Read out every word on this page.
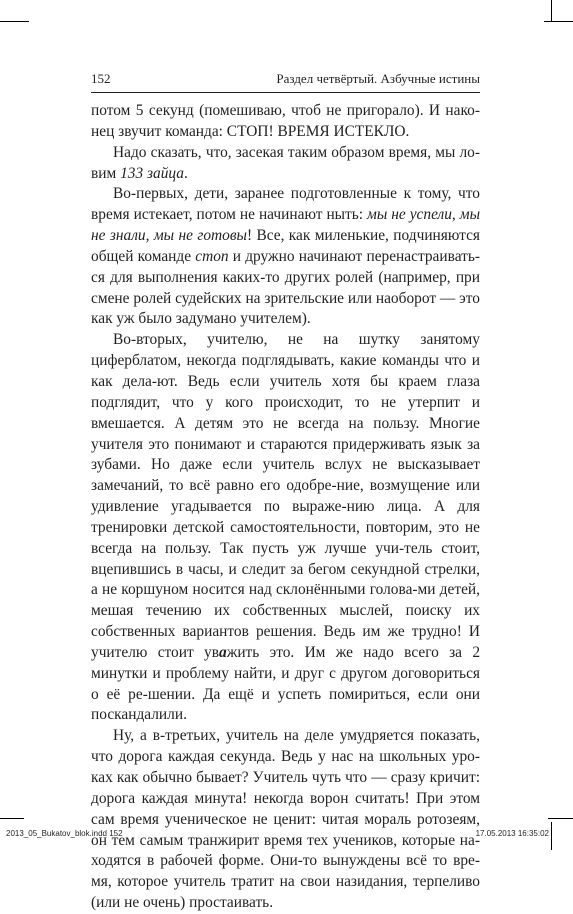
152	Раздел четвёртый. Азбучные истины

потом 5 секунд (помешиваю, чтоб не пригорало). И нако-нец звучит команда: СТОП! ВРЕМЯ ИСТЕКЛО.

Надо сказать, что, засекая таким образом время, мы ло-вим 133 зайца.

Во-первых, дети, заранее подготовленные к тому, что время истекает, потом не начинают ныть: мы не успели, мы не знали, мы не готовы! Все, как миленькие, подчиняются общей команде стоп и дружно начинают перенастраивать-ся для выполнения каких-то других ролей (например, при смене ролей судейских на зрительские или наоборот — это как уж было задумано учителем).

Во-вторых, учителю, не на шутку занятому циферблатом, некогда подглядывать, какие команды что и как дела-ют. Ведь если учитель хотя бы краем глаза подглядит, что у кого происходит, то не утерпит и вмешается. А детям это не всегда на пользу. Многие учителя это понимают и стараются придерживать язык за зубами. Но даже если учитель вслух не высказывает замечаний, то всё равно его одобре-ние, возмущение или удивление угадывается по выраже-нию лица. А для тренировки детской самостоятельности, повторим, это не всегда на пользу. Так пусть уж лучше учи-тель стоит, вцепившись в часы, и следит за бегом секундной стрелки, а не коршуном носится над склонёнными голова-ми детей, мешая течению их собственных мыслей, поиску их собственных вариантов решения. Ведь им же трудно! И учителю стоит уважить это. Им же надо всего за 2 минутки и проблему найти, и друг с другом договориться о её ре-шении. Да ещё и успеть помириться, если они поскандалили.

Ну, а в-третьих, учитель на деле умудряется показать, что дорога каждая секунда. Ведь у нас на школьных уро-ках как обычно бывает? Учитель чуть что — сразу кричит: дорога каждая минута! некогда ворон считать! При этом сам время ученическое не ценит: читая мораль ротозеям, он тем самым транжирит время тех учеников, которые на-ходятся в рабочей форме. Они-то вынуждены всё то вре-мя, которое учитель тратит на свои назидания, терпеливо (или не очень) простаивать.

2013_05_Bukatov_blok.indd 152	17.05.2013 16:35:02
